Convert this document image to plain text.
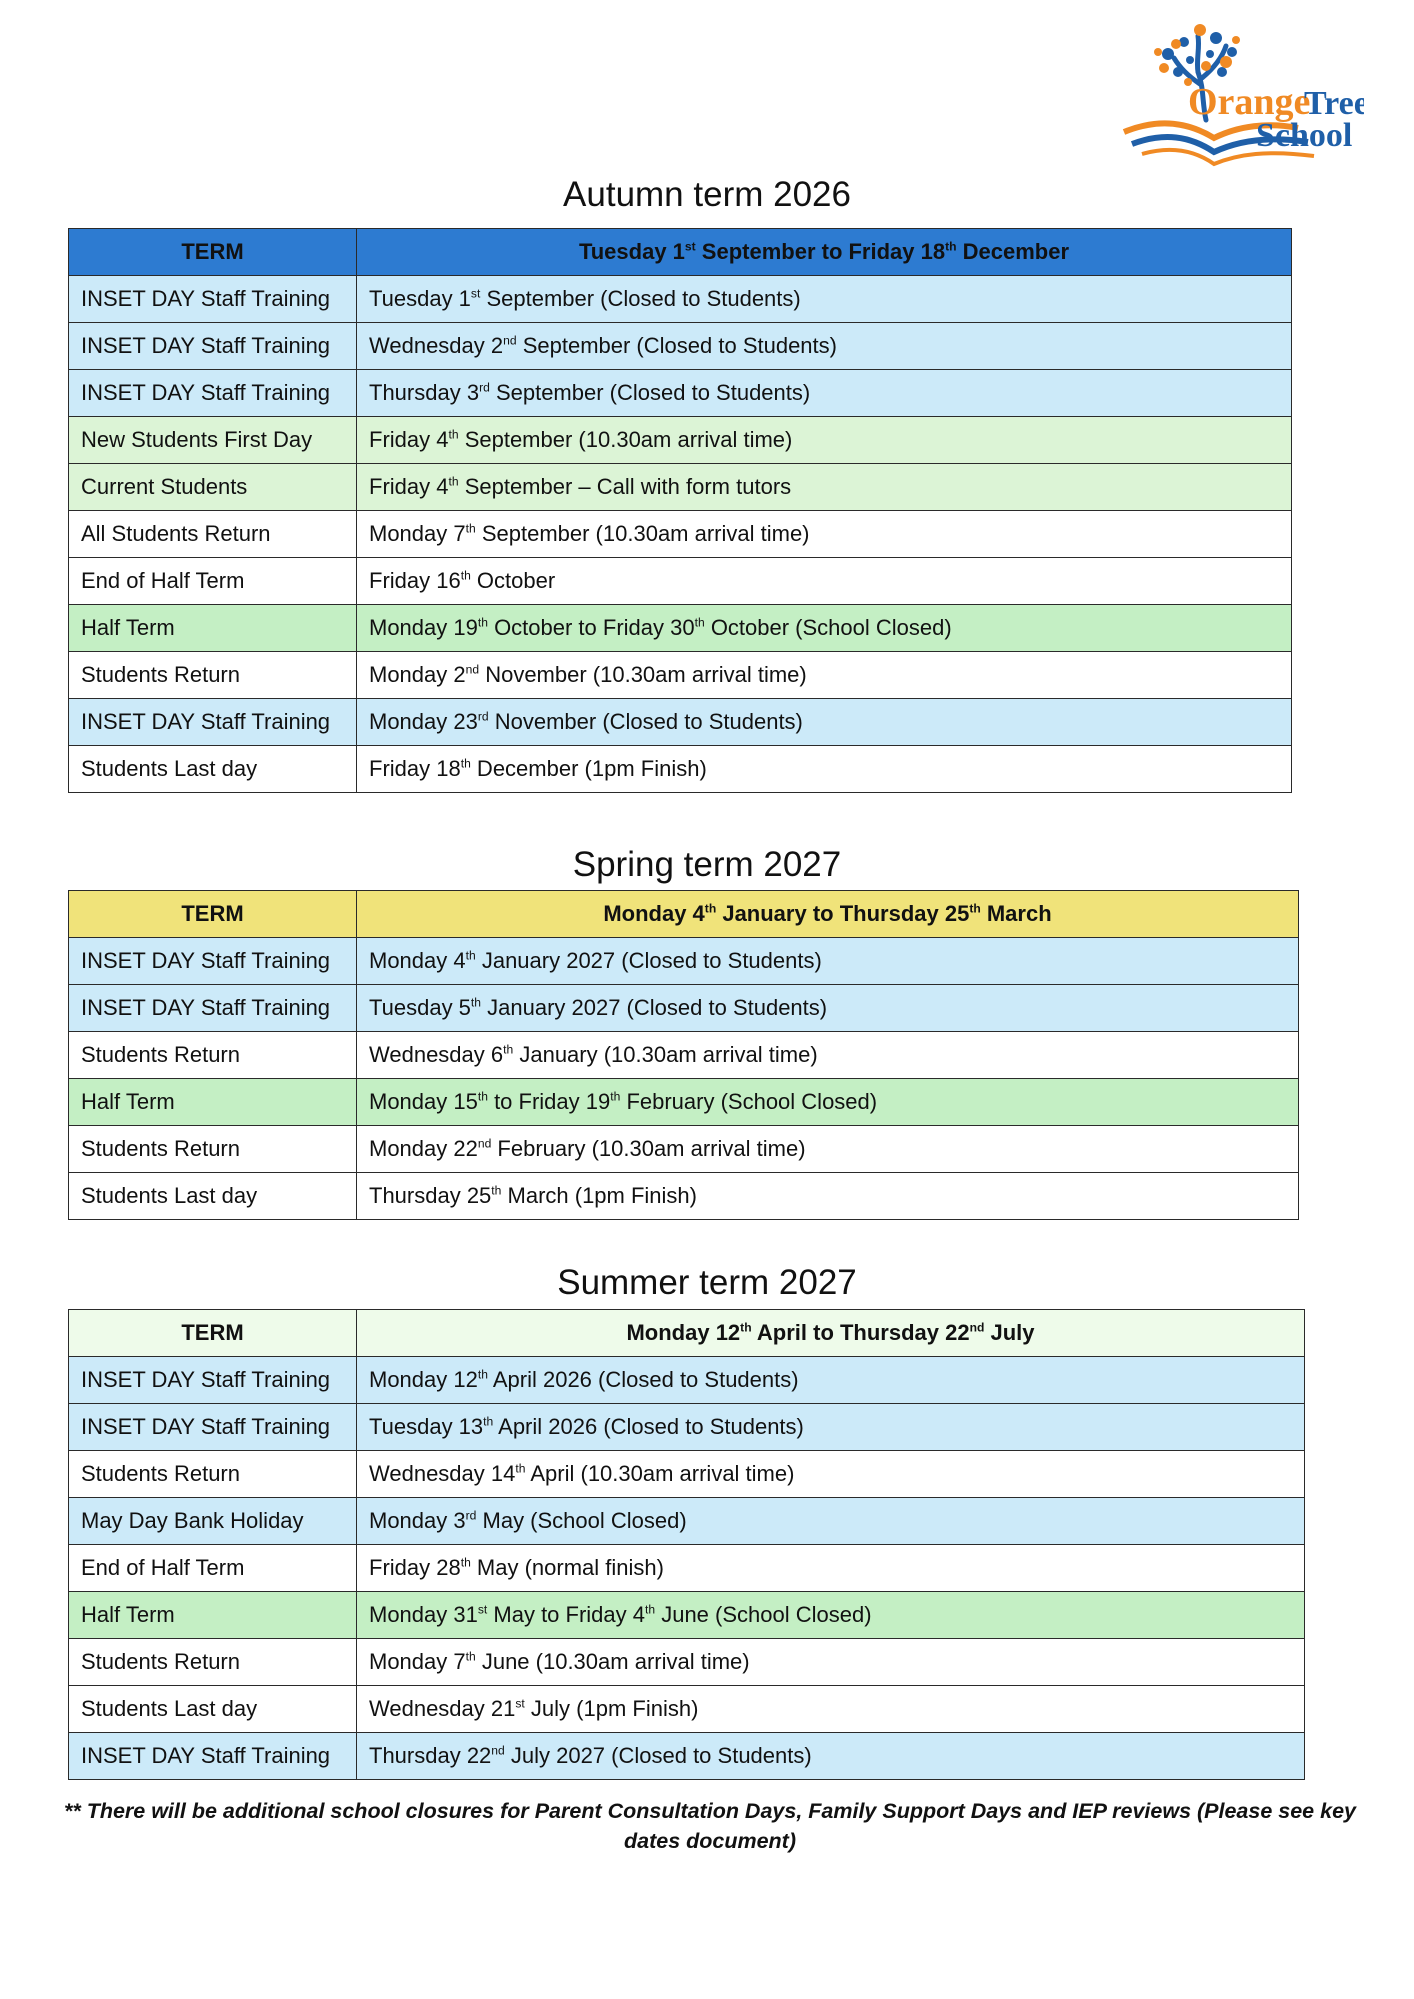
Orange
Tree
School
Autumn term 2026
TERM	Tuesday 1st September to Friday 18th December
INSET DAY Staff Training	Tuesday 1st September (Closed to Students)
INSET DAY Staff Training	Wednesday 2nd September (Closed to Students)
INSET DAY Staff Training	Thursday 3rd September (Closed to Students)
New Students First Day	Friday 4th September (10.30am arrival time)
Current Students	Friday 4th September – Call with form tutors
All Students Return	Monday 7th September (10.30am arrival time)
End of Half Term	Friday 16th October
Half Term	Monday 19th October to Friday 30th October (School Closed)
Students Return	Monday 2nd November (10.30am arrival time)
INSET DAY Staff Training	Monday 23rd November (Closed to Students)
Students Last day	Friday 18th December (1pm Finish)
Spring term 2027
TERM	Monday 4th January to Thursday 25th March
INSET DAY Staff Training	Monday 4th January 2027 (Closed to Students)
INSET DAY Staff Training	Tuesday 5th January 2027 (Closed to Students)
Students Return	Wednesday 6th January (10.30am arrival time)
Half Term	Monday 15th to Friday 19th February (School Closed)
Students Return	Monday 22nd February (10.30am arrival time)
Students Last day	Thursday 25th March (1pm Finish)
Summer term 2027
TERM	Monday 12th April to Thursday 22nd July
INSET DAY Staff Training	Monday 12th April 2026 (Closed to Students)
INSET DAY Staff Training	Tuesday 13th April 2026 (Closed to Students)
Students Return	Wednesday 14th April (10.30am arrival time)
May Day Bank Holiday	Monday 3rd May (School Closed)
End of Half Term	Friday 28th May (normal finish)
Half Term	Monday 31st May to Friday 4th June (School Closed)
Students Return	Monday 7th June (10.30am arrival time)
Students Last day	Wednesday 21st July (1pm Finish)
INSET DAY Staff Training	Thursday 22nd July 2027 (Closed to Students)
** There will be additional school closures for Parent Consultation Days, Family Support Days and IEP reviews (Please see key dates document)
